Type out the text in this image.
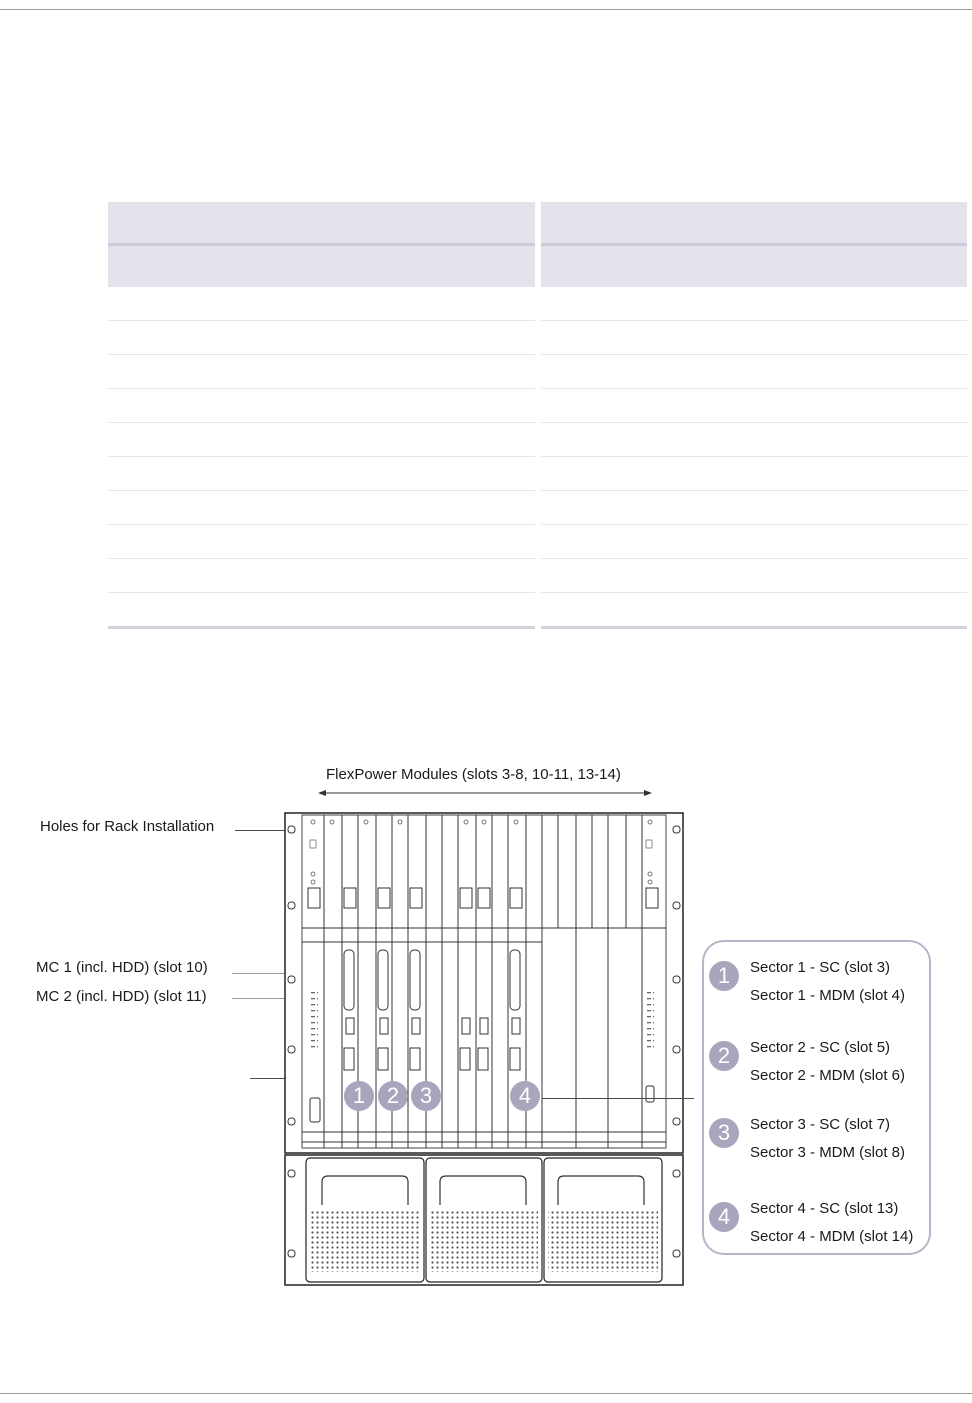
FlexPower Modules (slots 3-8, 10-11, 13-14)
Holes for Rack Installation
MC 1 (incl. HDD) (slot 10)
MC 2 (incl. HDD) (slot 11)
1 2 3	4
1	Sector 1 - SC (slot 3)
Sector 1 - MDM (slot 4)
2	Sector 2 - SC (slot 5)
Sector 2 - MDM (slot 6)
3	Sector 3 - SC (slot 7)
Sector 3 - MDM (slot 8)
4	Sector 4 - SC (slot 13)
Sector 4 - MDM (slot 14)
